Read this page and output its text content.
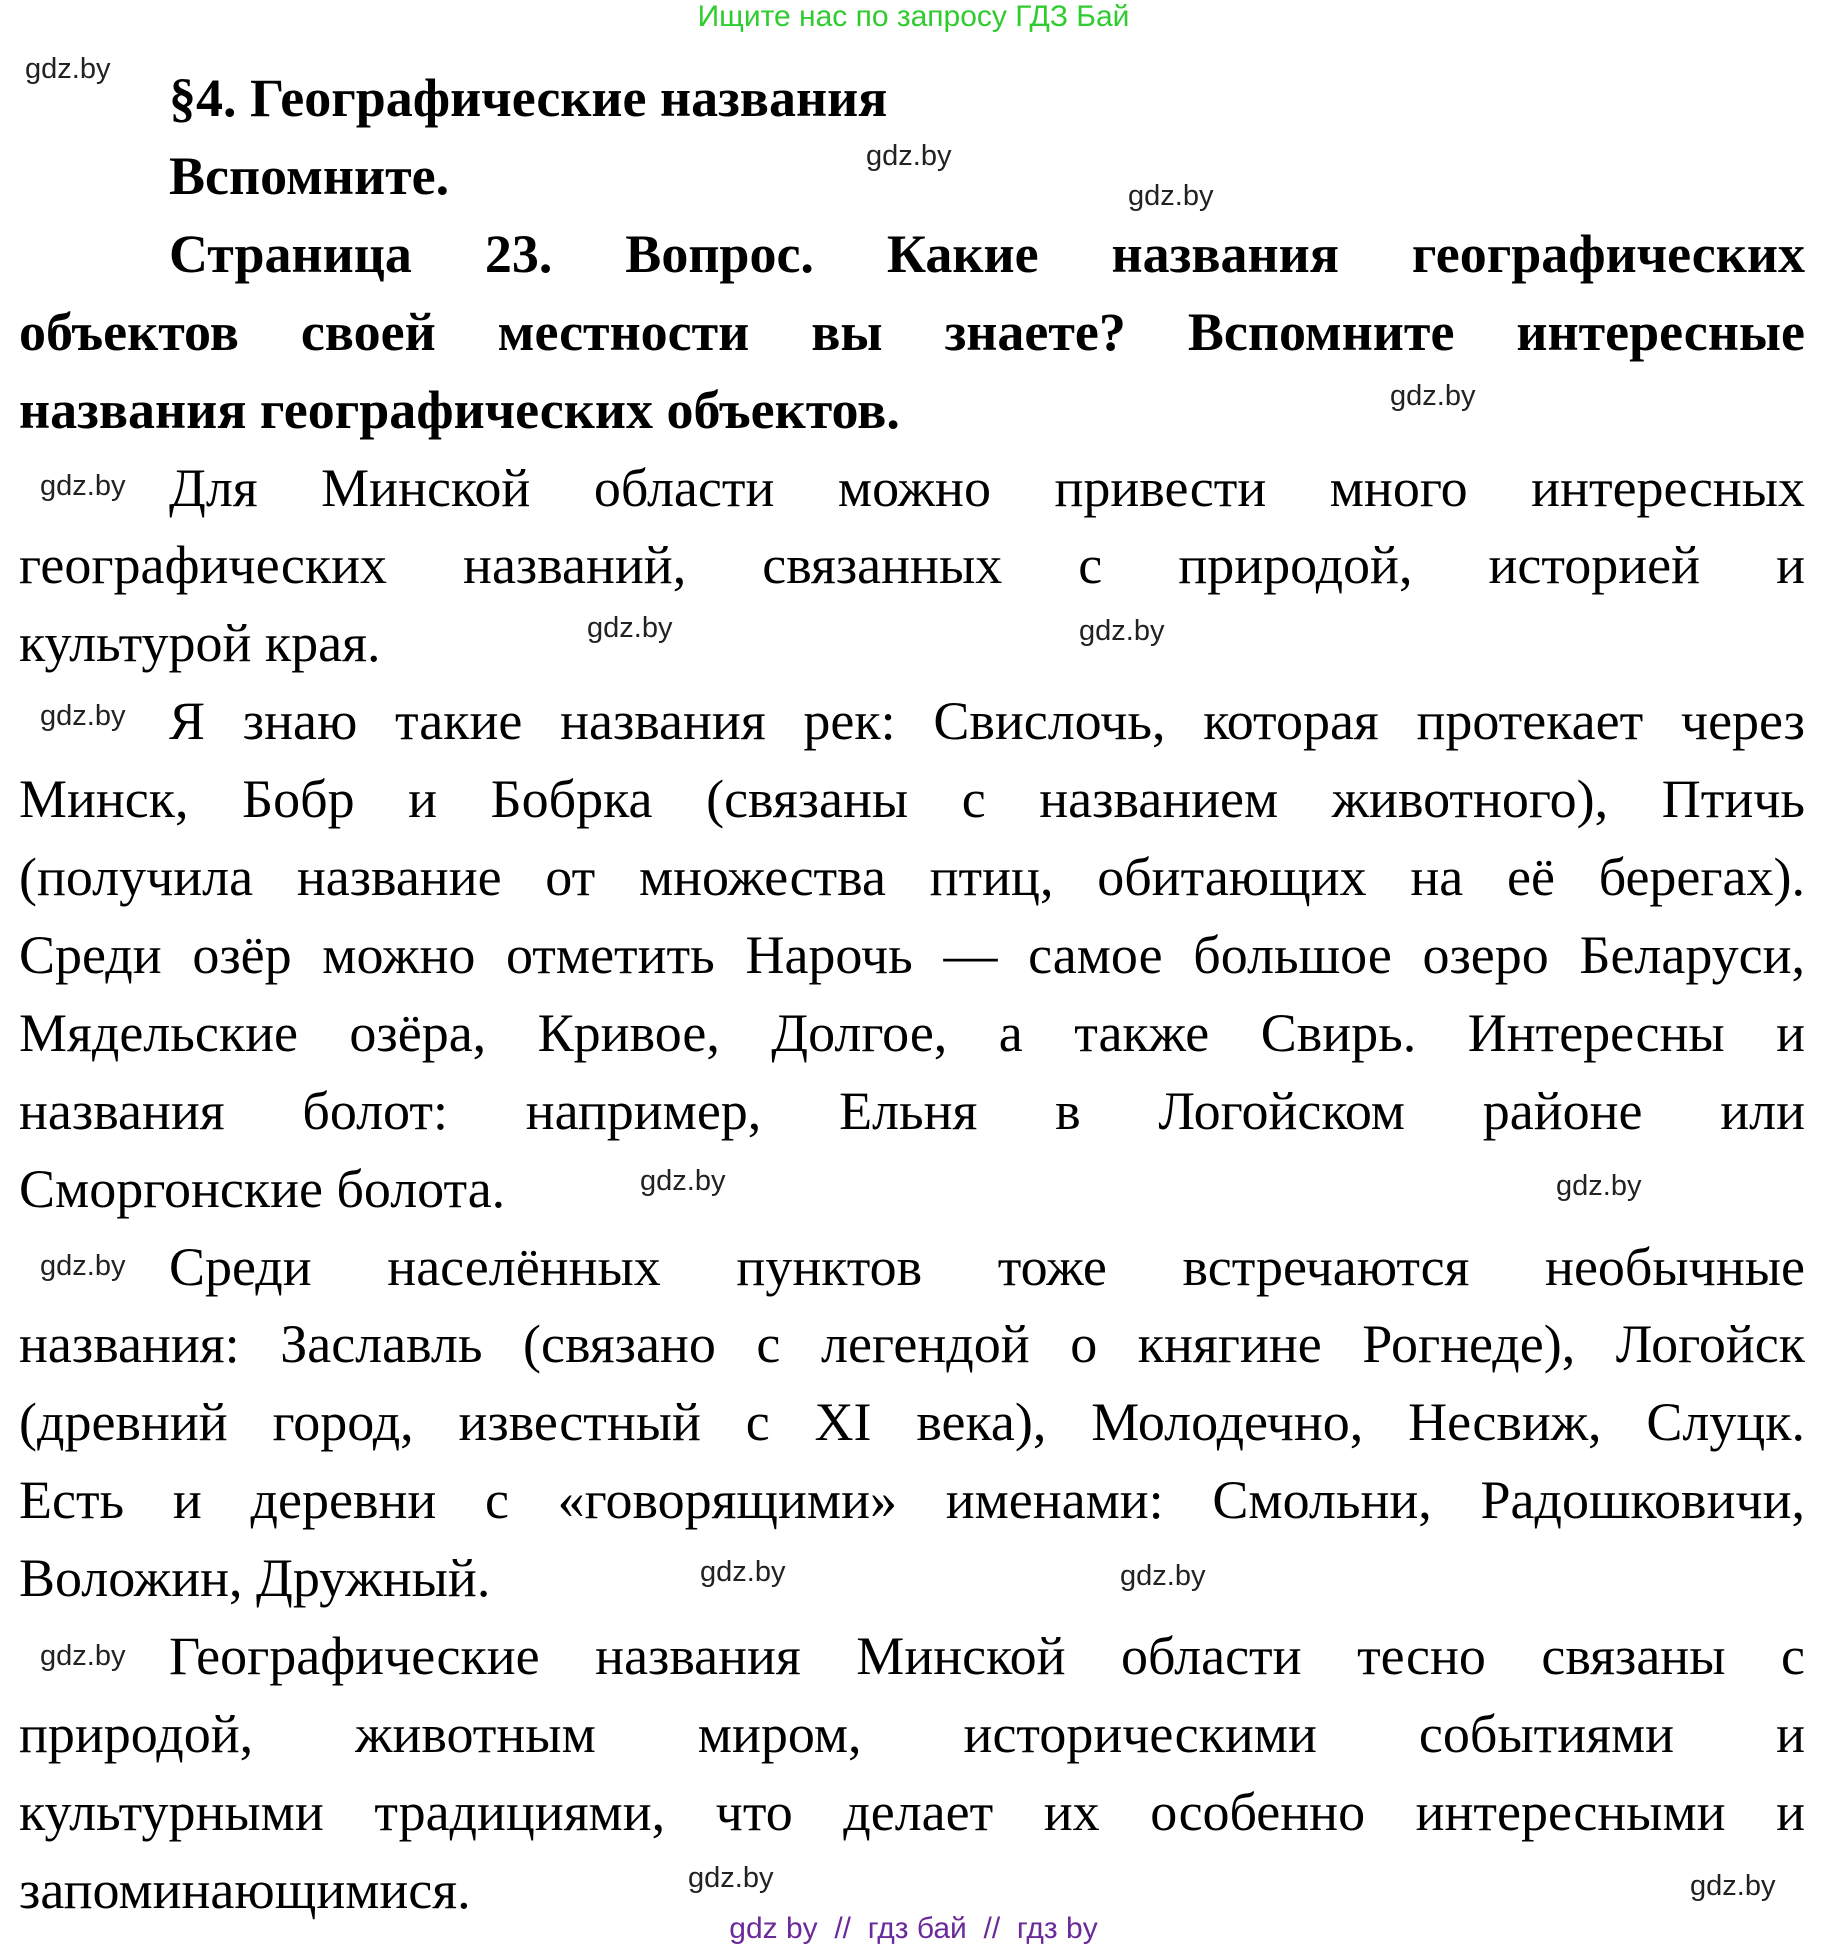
Ищите нас по запросу ГДЗ Бай
§4. Географические названия
Вспомните.
Страница 23. Вопрос. Какие названия географических
объектов своей местности вы знаете? Вспомните интересные
названия географических объектов.
Для Минской области можно привести много интересных
географических названий, связанных с природой, историей и
культурой края.
Я знаю такие названия рек: Свислочь, которая протекает через
Минск, Бобр и Бобрка (связаны с названием животного), Птичь
(получила название от множества птиц, обитающих на её берегах).
Среди озёр можно отметить Нарочь — самое большое озеро Беларуси,
Мядельские озёра, Кривое, Долгое, а также Свирь. Интересны и
названия болот: например, Ельня в Логойском районе или
Сморгонские болота.
Среди населённых пунктов тоже встречаются необычные
названия: Заславль (связано с легендой о княгине Рогнеде), Логойск
(древний город, известный с XI века), Молодечно, Несвиж, Слуцк.
Есть и деревни с «говорящими» именами: Смольни, Радошковичи,
Воложин, Дружный.
Географические названия Минской области тесно связаны с
природой, животным миром, историческими событиями и
культурными традициями, что делает их особенно интересными и
запоминающимися.
gdz.by
gdz.by
gdz.by
gdz.by
gdz.by
gdz.by	gdz.by
gdz.by
gdz.by
gdz.by
gdz.by
gdz.by
gdz.by
gdz.by
gdz.by
gdz.by
gdz by  //  гдз бай  //  гдз by
